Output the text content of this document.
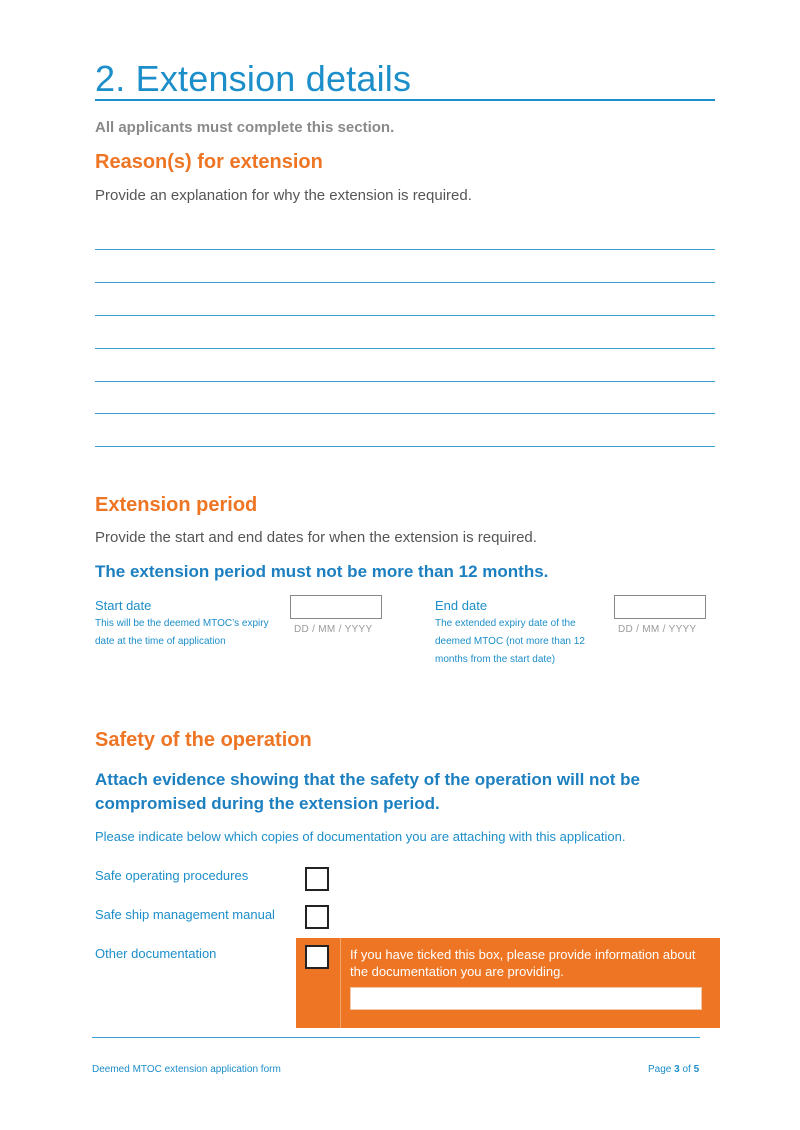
2. Extension details
All applicants must complete this section.
Reason(s) for extension
Provide an explanation for why the extension is required.
Extension period
Provide the start and end dates for when the extension is required.
The extension period must not be more than 12 months.
Start date
This will be the deemed MTOC’s expiry
date at the time of application
DD / MM / YYYY
End date
The extended expiry date of the
deemed MTOC (not more than 12
months from the start date)
DD / MM / YYYY
Safety of the operation
Attach evidence showing that the safety of the operation will not be
compromised during the extension period.
Please indicate below which copies of documentation you are attaching with this application.
Safe operating procedures
Safe ship management manual
Other documentation	If you have ticked this box, please provide information about the documentation you are providing.
Deemed MTOC extension application form	Page 3 of 5
